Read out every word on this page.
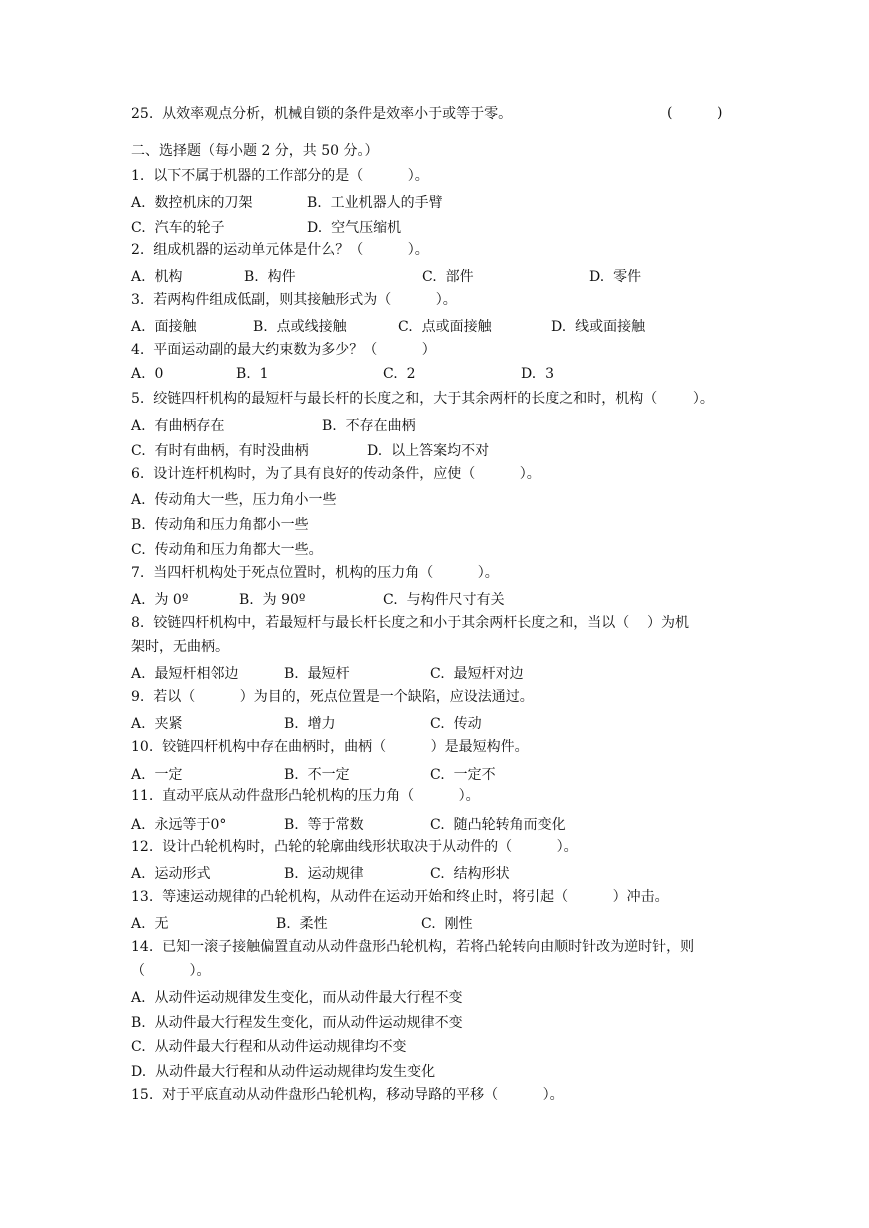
25.  从效率观点分析，机械自锁的条件是效率小于或等于零。	(          )
二、选择题（每小题 2 分，共 50 分。）
1.  以下不属于机器的工作部分的是（          ）。
A.  数控机床的刀架	B.  工业机器人的手臂
C.  汽车的轮子	D.  空气压缩机
2.  组成机器的运动单元体是什么？（          ）。
A.  机构	B.  构件	C.  部件	D.  零件
3.  若两构件组成低副，则其接触形式为（          ）。
A.  面接触	B.  点或线接触	C.  点或面接触	D.  线或面接触
4.  平面运动副的最大约束数为多少？（          ）
A.  0	B.  1	C.  2	D.  3
5.  绞链四杆机构的最短杆与最长杆的长度之和，大于其余两杆的长度之和时，机构（        ）。
A.  有曲柄存在	B.  不存在曲柄
C.  有时有曲柄，有时没曲柄	D.  以上答案均不对
6.  设计连杆机构时，为了具有良好的传动条件，应使（          ）。
A.  传动角大一些，压力角小一些
B.  传动角和压力角都小一些
C.  传动角和压力角都大一些。
7.  当四杆机构处于死点位置时，机构的压力角（          ）。
A.  为 0º	B.  为 90º	C.  与构件尺寸有关
8.  铰链四杆机构中，若最短杆与最长杆长度之和小于其余两杆长度之和，当以（    ）为机
架时，无曲柄。
A.  最短杆相邻边	B.  最短杆	C.  最短杆对边
9.  若以（          ）为目的，死点位置是一个缺陷，应设法通过。
A.  夹紧	B.  增力	C.  传动
10.  铰链四杆机构中存在曲柄时，曲柄（          ）是最短构件。
A.  一定	B.  不一定	C.  一定不
11.  直动平底从动件盘形凸轮机构的压力角（          ）。
A.  永远等于0°	B.  等于常数	C.  随凸轮转角而变化
12.  设计凸轮机构时，凸轮的轮廓曲线形状取决于从动件的（          ）。
A.  运动形式	B.  运动规律	C.  结构形状
13.  等速运动规律的凸轮机构，从动件在运动开始和终止时，将引起（          ）冲击。
A.  无	B.  柔性	C.  刚性
14.  已知一滚子接触偏置直动从动件盘形凸轮机构，若将凸轮转向由顺时针改为逆时针，则
（          ）。
A.  从动件运动规律发生变化，而从动件最大行程不变
B.  从动件最大行程发生变化，而从动件运动规律不变
C.  从动件最大行程和从动件运动规律均不变
D.  从动件最大行程和从动件运动规律均发生变化
15.  对于平底直动从动件盘形凸轮机构，移动导路的平移（          ）。
